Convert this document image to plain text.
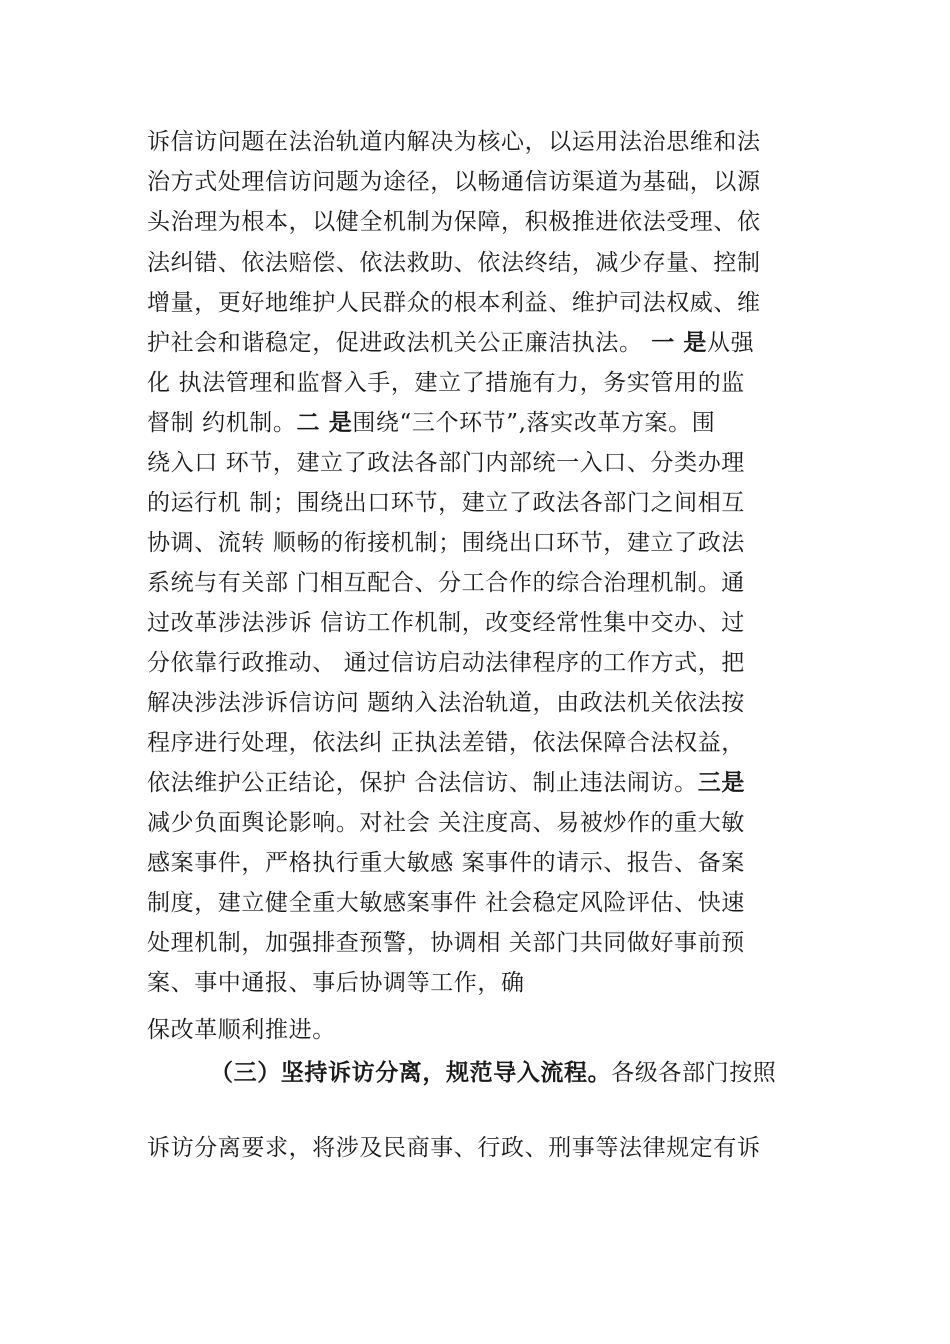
诉信访问题在法治轨道内解决为核心，以运用法治思维和法
治方式处理信访问题为途径，以畅通信访渠道为基础，以源
头治理为根本，以健全机制为保障，积极推进依法受理、依
法纠错、依法赔偿、依法救助、依法终结，减少存量、控制
增量，更好地维护人民群众的根本利益、维护司法权威、维
护社会和谐稳定，促进政法机关公正廉洁执法。 一 是从强
化 执法管理和监督入手，建立了措施有力，务实管用的监
督制 约机制。二 是围绕“三个环节”,落实改革方案。围
绕入口 环节，建立了政法各部门内部统一入口、分类办理
的运行机 制；围绕出口环节，建立了政法各部门之间相互
协调、流转 顺畅的衔接机制；围绕出口环节，建立了政法
系统与有关部 门相互配合、分工合作的综合治理机制。通
过改革涉法涉诉 信访工作机制，改变经常性集中交办、过
分依靠行政推动、 通过信访启动法律程序的工作方式，把
解决涉法涉诉信访问 题纳入法治轨道，由政法机关依法按
程序进行处理，依法纠 正执法差错，依法保障合法权益，
依法维护公正结论，保护 合法信访、制止违法闹访。三是
减少负面舆论影响。对社会 关注度高、易被炒作的重大敏
感案事件，严格执行重大敏感 案事件的请示、报告、备案
制度，建立健全重大敏感案事件 社会稳定风险评估、快速
处理机制，加强排查预警，协调相 关部门共同做好事前预
案、事中通报、事后协调等工作，确
保改革顺利推进。
（三）坚持诉访分离，规范导入流程。各级各部门按照
诉访分离要求，将涉及民商事、行政、刑事等法律规定有诉
